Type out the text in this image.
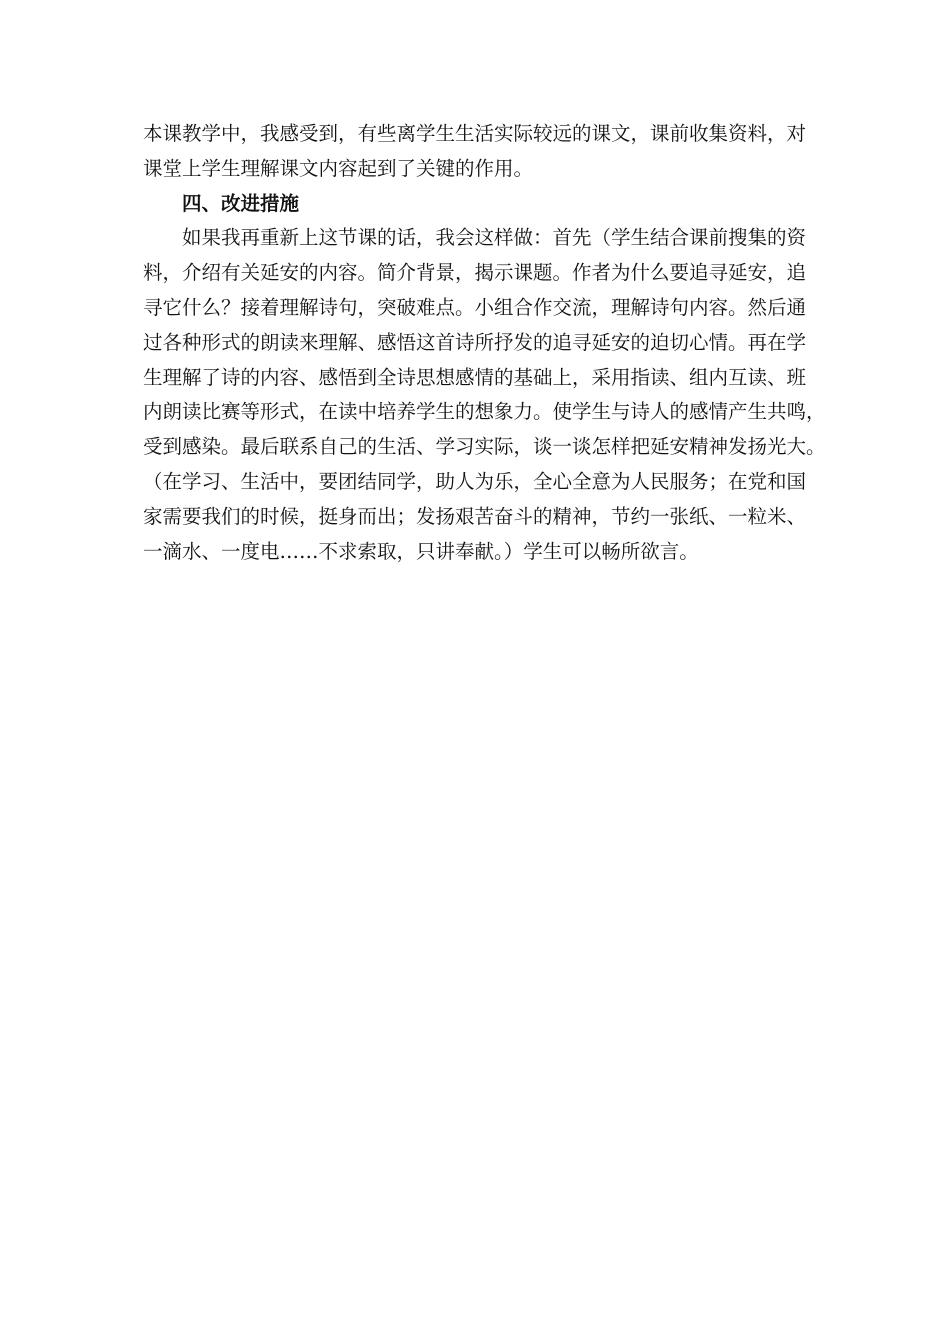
本课教学中，我感受到，有些离学生生活实际较远的课文，课前收集资料，对
课堂上学生理解课文内容起到了关键的作用。
四、改进措施
如果我再重新上这节课的话，我会这样做：首先（学生结合课前搜集的资
料，介绍有关延安的内容。简介背景，揭示课题。作者为什么要追寻延安，追
寻它什么？接着理解诗句，突破难点。小组合作交流，理解诗句内容。然后通
过各种形式的朗读来理解、感悟这首诗所抒发的追寻延安的迫切心情。再在学
生理解了诗的内容、感悟到全诗思想感情的基础上，采用指读、组内互读、班
内朗读比赛等形式，在读中培养学生的想象力。使学生与诗人的感情产生共鸣，
受到感染。最后联系自己的生活、学习实际，谈一谈怎样把延安精神发扬光大。
（在学习、生活中，要团结同学，助人为乐，全心全意为人民服务；在党和国
家需要我们的时候，挺身而出；发扬艰苦奋斗的精神，节约一张纸、一粒米、
一滴水、一度电……不求索取，只讲奉献。）学生可以畅所欲言。
